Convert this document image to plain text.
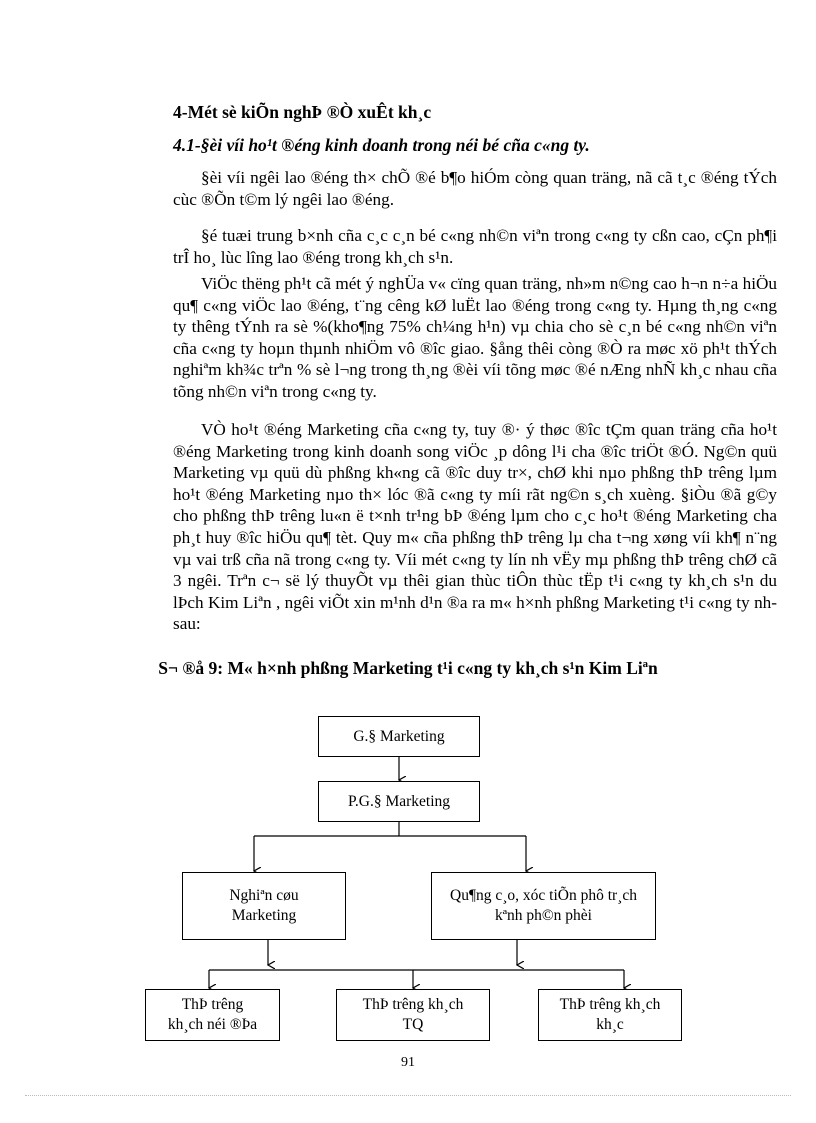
4-Mét sè kiÕn nghÞ ®Ò xuÊt kh¸c

4.1-§èi víi ho¹t ®éng kinh doanh trong néi bé cña c«ng ty.

§èi víi ngêi lao ®éng th× chÕ ®é b¶o hiÓm còng quan träng, nã cã t¸c ®éng tÝch cùc ®Õn t©m lý ngêi lao ®éng.

§é tuæi trung b×nh cña c¸c c¸n bé c«ng nh©n viªn trong c«ng ty cßn cao, cÇn ph¶i trÎ ho¸ lùc lîng lao ®éng trong kh¸ch s¹n.

ViÖc thëng ph¹t cã mét ý nghÜa v« cïng quan träng, nh»m n©ng cao h¬n n÷a hiÖu qu¶ c«ng viÖc lao ®éng, t¨ng cêng kØ luËt lao ®éng trong c«ng ty. Hµng th¸ng c«ng ty thêng tÝnh ra sè %(kho¶ng 75% ch¼ng h¹n) vµ chia cho sè c¸n bé c«ng nh©n viªn cña c«ng ty hoµn thµnh nhiÖm vô ®îc giao. §ång thêi còng ®Ò ra møc xö ph¹t thÝch nghiªm kh¾c trªn % sè l¬ng trong th¸ng ®èi víi tõng møc ®é nÆng nhÑ kh¸c nhau cña tõng nh©n viªn trong c«ng ty.

VÒ ho¹t ®éng Marketing cña c«ng ty, tuy ®· ý thøc ®îc tÇm quan träng cña ho¹t ®éng Marketing trong kinh doanh song viÖc ¸p dông l¹i cha ®îc triÖt ®Ó. Ng©n quü Marketing vµ quü dù phßng kh«ng cã ®îc duy tr×, chØ khi nµo phßng thÞ trêng lµm ho¹t ®éng Marketing nµo th× lóc ®ã c«ng ty míi rãt ng©n s¸ch xuèng. §iÒu ®ã g©y cho phßng thÞ trêng lu«n ë t×nh tr¹ng bÞ ®éng lµm cho c¸c ho¹t ®éng Marketing cha ph¸t huy ®îc hiÖu qu¶ tèt. Quy m« cña phßng thÞ trêng lµ cha t¬ng xøng víi kh¶ n¨ng vµ vai trß cña nã trong c«ng ty. Víi mét c«ng ty lín nh vËy mµ phßng thÞ trêng chØ cã 3 ngêi. Trªn c¬ së lý thuyÕt vµ thêi gian thùc tiÔn thùc tËp t¹i c«ng ty kh¸ch s¹n du lÞch Kim Liªn , ngêi viÕt xin m¹nh d¹n ®a ra m« h×nh phßng Marketing t¹i c«ng ty nh sau:

S¬ ®å 9: M« h×nh phßng Marketing t¹i c«ng ty kh¸ch s¹n Kim Liªn
G.§ Marketing
P.G.§ Marketing
Nghiªn cøu Marketing
Qu¶ng c¸o, xóc tiÕn phô tr¸ch kªnh ph©n phèi
ThÞ trêng kh¸ch néi ®Þa
ThÞ trêng kh¸ch TQ
ThÞ trêng kh¸ch kh¸c
91
